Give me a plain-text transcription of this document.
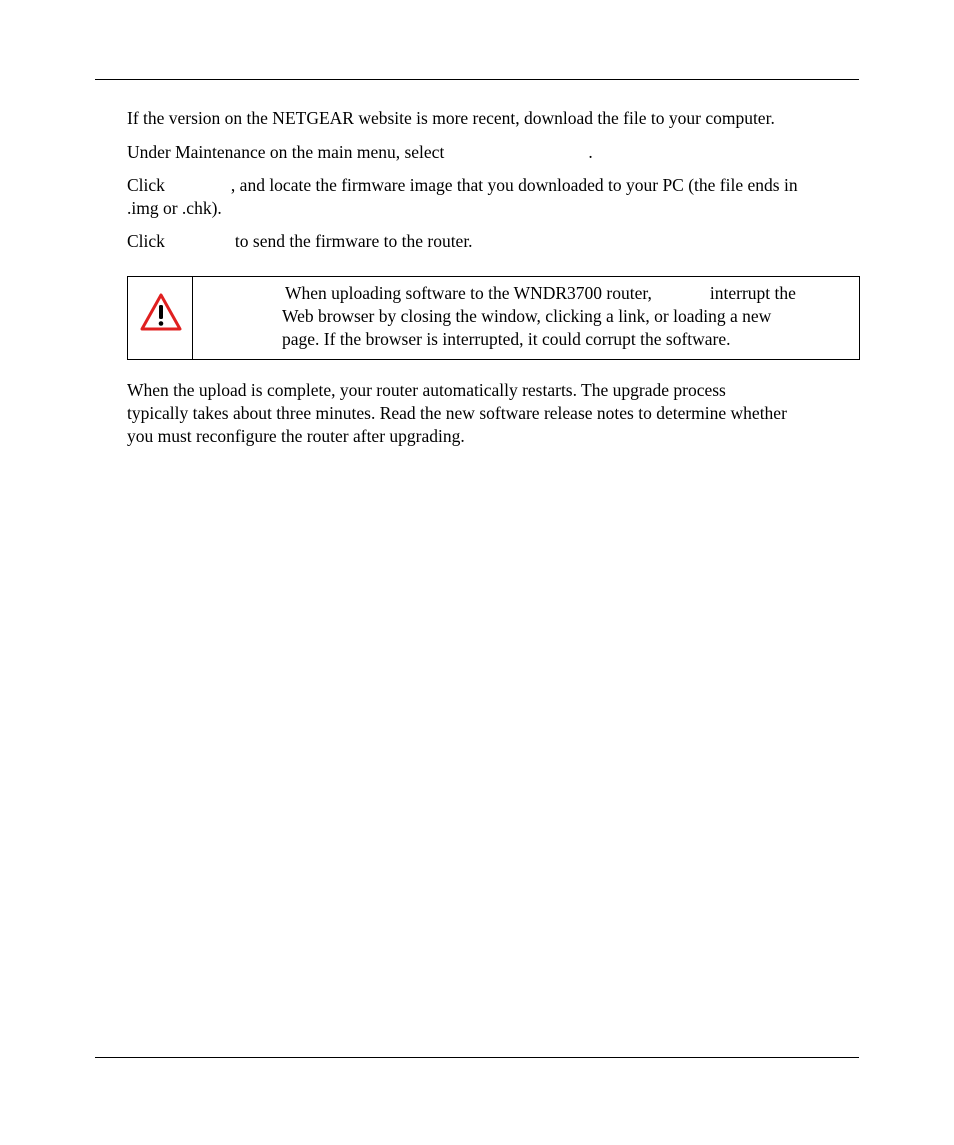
If the version on the NETGEAR website is more recent, download the file to your computer.

Under Maintenance on the main menu, select	.

Click	, and locate the firmware image that you downloaded to your PC (the file ends in
.img or .chk).

Click	to send the firmware to the router.

When uploading software to the WNDR3700 router,	interrupt the
Web browser by closing the window, clicking a link, or loading a new
page. If the browser is interrupted, it could corrupt the software.

When the upload is complete, your router automatically restarts. The upgrade process
typically takes about three minutes. Read the new software release notes to determine whether
you must reconfigure the router after upgrading.
